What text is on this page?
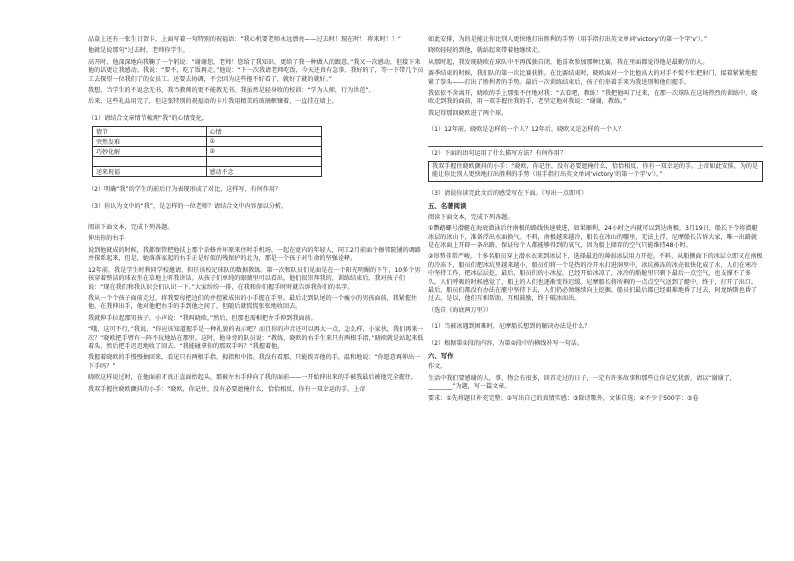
品盒上还有一张生日贺卡，上面写着一句特别的祝福语：“我心机要老师永远漂亮——过去时！现在时！ 将来时！！”

他就是说那句“过去时，老师你学生。

高开时，他深深地向我鞠了一个躬说：“谢谢您，老师！您给了我知识，更给了我一种做人的跟意。”我又一次感动，但接下来他的话更让我感动。我说：“要不，吃了饭再走。”他说：“下一次我请老师吃饭，今天还真有急事，我好的了，等一下带几个员工去探望一位我们了的女员工。还要去协调，不会因为这些拖不好看了，就好了就的就好。”

我想，当学生的不说念无书，我当教师的更不能教无书。我虽然是轻身收的校训：“学为人师，行为世范”。

后来，这些礼品用完了，但这张特别的祝福语的卡片我用精美的玻璃框镶着，一直挂在墙上。

（1）请结合文章情节梳理“我”的心情变化。

情节	心情
突然发难	①
巧妙化解	②

送来祝福	感动不念

（2）明确“我”的学生的前后行为表现形成了对比，这样写，有何作用？

（3）你认为文中的“我”，是怎样的一位老师？请结合文中内容加以分析。

阅读下面文本，完成下列各题。

伸出你的右手

说到他就成的时候，我都保管把他扶上那个杂修并坏原来住时手机场、一起在宽内的年轻人，同工2月前面个擦邻院铺的调路并探系起来，但是，她落落家起的右手正是好似的残保护的北为，那是一个孩子对生命的坚强诠释。

12年前，我是学生时利同学校邀请，担任该校足球队的数据教练。第一次和队员们见面是在一个阳光明媚的下午，10多个男孩穿着整洁的球衣坐在草地上听我讲话。从孩子们单纯的眼睛里可以看出，他们很崇拜我的，训练结束后，我对孩子们说：“现在我们和我认识会们认识一下。”大家纷纷一排，在我和你们握手时时就告诉我你们的名字。

我从一个个孩子面前走过，将我要每把边们的并控紧成出的小手握在手里。最后走到队尾的一个瘦小的男孩面前，我紧握住他。在我伸出手，他对他把右手的手到他之间了，但随后就慌慌张张地收回去。

我就伸手拉起那男孩子，小声说：“我叫晓欧。”然后，但那也需相把左手伸到我面前。

“哦，这可不行，”我说，“你应该知道握手是一种礼貌的表示吧？而且你的声音还可以再大一点，怎么样，小家伙，我们再来一次？”晓欧把手臂有一阵不玩地站在那里。这时，他身旁的队员说：“教练，晓欧的右手生来只有两根手指，”晓欧就是站起来低着头，然后把手迟迟地收了回去。“我能碰拿你的那双手吗？”我握着他。

我握着晓欧的手慢慢抽回来，看见只有两根手指，拇指和中指。我没有看那，只能拨弄他的手，温和地说：“你愿意再伸出一下手吗？”

晓欧这样说过时，在他面前才真正直面抬起头，那被左右手伸向了我的面前——一开始伸出来的手被我最后被他完全握住，

我双手握住晓欧颤抖的小手：“晓欧，你记住，没有必要遮掩什么，恰恰相反，你有一双幸运的手。上帝

如此安排，为的是能让你比别人更快地打出胜利的手势（用手指打出英文单词‘victory’的第一个字‘v’）。”

晓欧轻轻的到他，就站起来带着他继续走。

从那时起，我发现晓欧在球队中不再孤独自闭，他喜欢参加那种比赛，我在里面都觉得他是最勤劳的人。

赛季结束的时候，我们队的第一次比赛获胜。在比赛结束时，晓欧面对一个比他高大的对手不慌不忙把射门，接着紧紧地握紧了拳头——打出了胜利者的手势。最后一次训练结束后，孩子们举着手来为我送别和他们握手。

我依依不舍离开，晓欧的手上那张不住地对我：“去看吧，教练！”我把他叫了过来，在那一次球队在这场热烈的训练中，晓欧走到我的面前，用一双手握住我的手，老坚定地对我说：“谢谢，教练。”

我记得那回晓欧进了两个球。

（1）12年前，晓欧是怎样的一个人？12年后，晓欧又是怎样的一个人？

（2）下面的语句运用了什么描写方法？有何作用？

我双手握住晓欧颤抖的小手：“晓欧，你记住，没有必要遮掩什么，恰恰相反，你有一双幸运的手。上帝如此安排，为的是能让你比别人更快地打出胜利的手势（用手指打出英文单词‘victory’的第一个字‘v’）。”

（3）请说你读完此文后的感受写在下面。（写出一点即可）

五、名著阅读

阅读下面文本，完成下列各题。

①鹦鹉螺号潜艇在海底潜泳后往南极的路线快速驶进，如果顺利，24小时之内就可以到达南极。3月19日，船长下令将潜艇冰层的冰山下，准备浮出水面换气。不料，南极越来越冷，船长在冰山的哪里，无法上浮。尼摩船长告诉大家，唯一出路就是在冰面上开辟一条出路，保证每个人都能够得到的氧气，因为船上储存的空气只能维持48小时。

②形势非常严峻。十多名船员穿上潜水衣来到冰层下，选择最近的薄弱冰层用力开挖。不料，从船侧面下的冰层立即又在南极的冷冻下，船员们把冰坑里越来越小，船员们将一个是热的冷开水打进洞里中，冰坑被冻的冰壳很快化成了水，人们在寒冷中坚持工作，把冰层层挖，最后，船员们的小冰屋，已经开始冰凉了，冰冷的船舱里只剩下最后一点空气，也支撑不了多久。人们呼吸的时候感觉了，船上的人们也逐渐变得迟缓。尼摩船长将所剩的一点点空气送到了艇中，终于，打开了出口。最后，船员们都没有办法在艇中坚持下去，人们仍必须继续向上挖掘。船员们最后都已经艰难地昏了过去，阿龙纳斯也昏了过去。是以，他们互相帮助，互相鼓励，终于破冰而出。

（选自《海底两万里》）

（1）当被冰遇到困难时，尼摩船长想到的解决办法是什么？

（2）根据第①段的内容，为第②段中的横线补写一句话。

六、写作

作文。

生活中我们要感谢的人，事、物会有很多，回首走过的日子，一定有许多故事和那些让你记忆犹新，请以“谢谢了，________”为题，写一篇文章。

要求：①先将题目补充完整；②写出自己的真情实感；③除诗歌外，文体自选；④不少于500字；⑤卷
